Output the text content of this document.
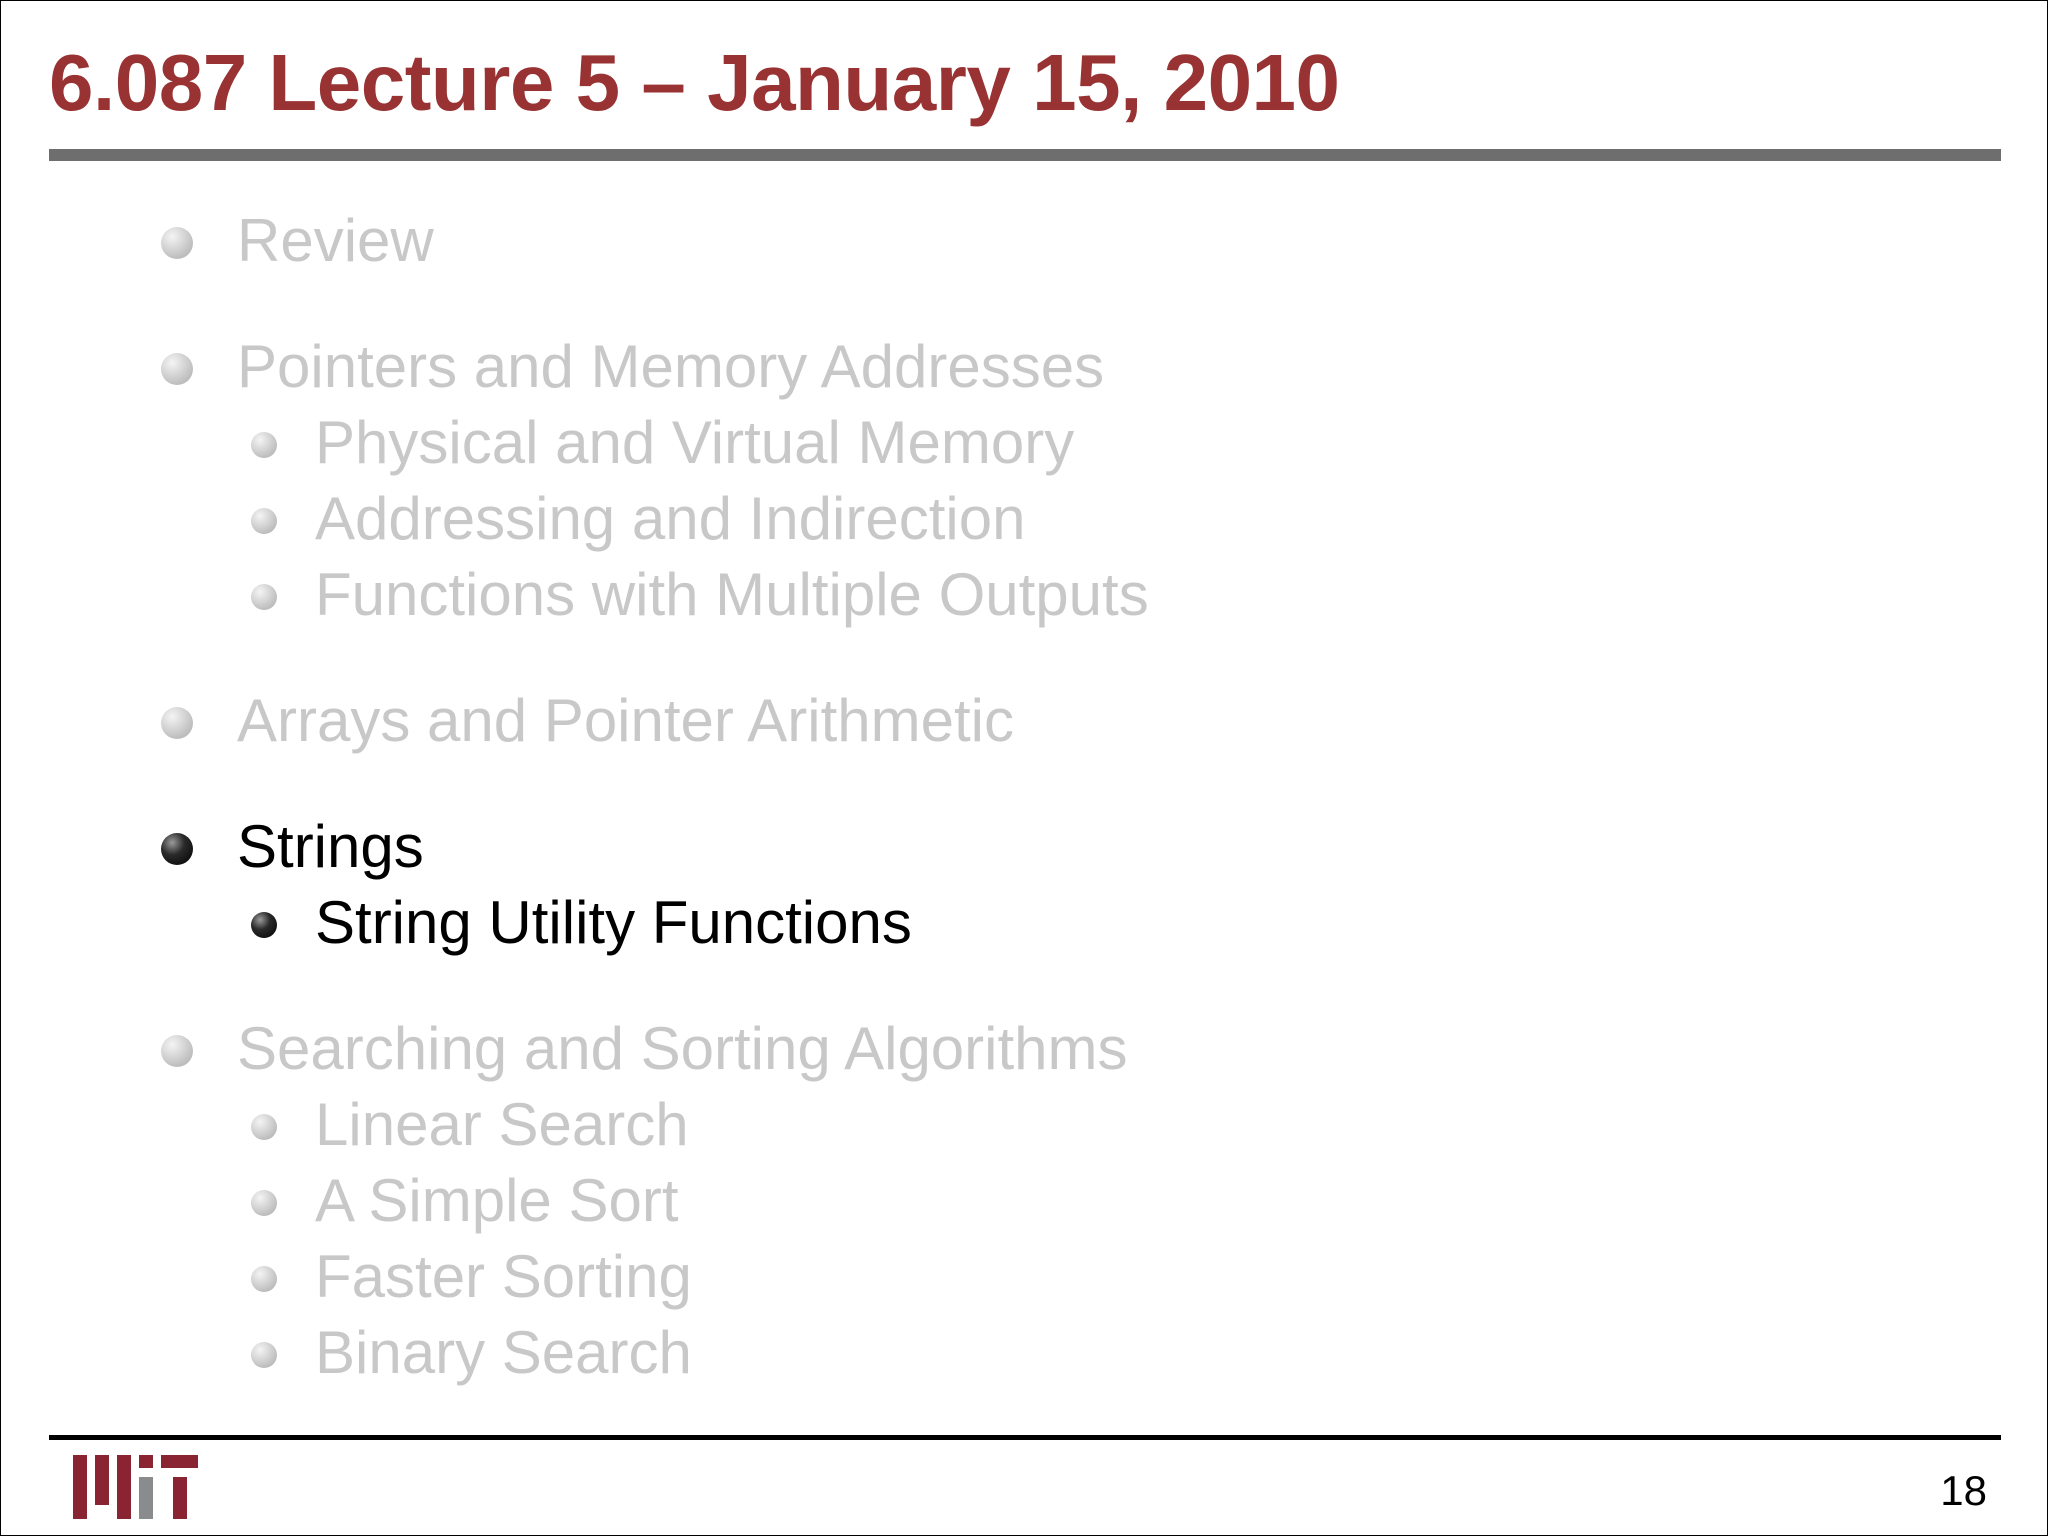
6.087 Lecture 5 – January 15, 2010
Review
Pointers and Memory Addresses
Physical and Virtual Memory
Addressing and Indirection
Functions with Multiple Outputs
Arrays and Pointer Arithmetic
Strings
String Utility Functions
Searching and Sorting Algorithms
Linear Search
A Simple Sort
Faster Sorting
Binary Search
18
